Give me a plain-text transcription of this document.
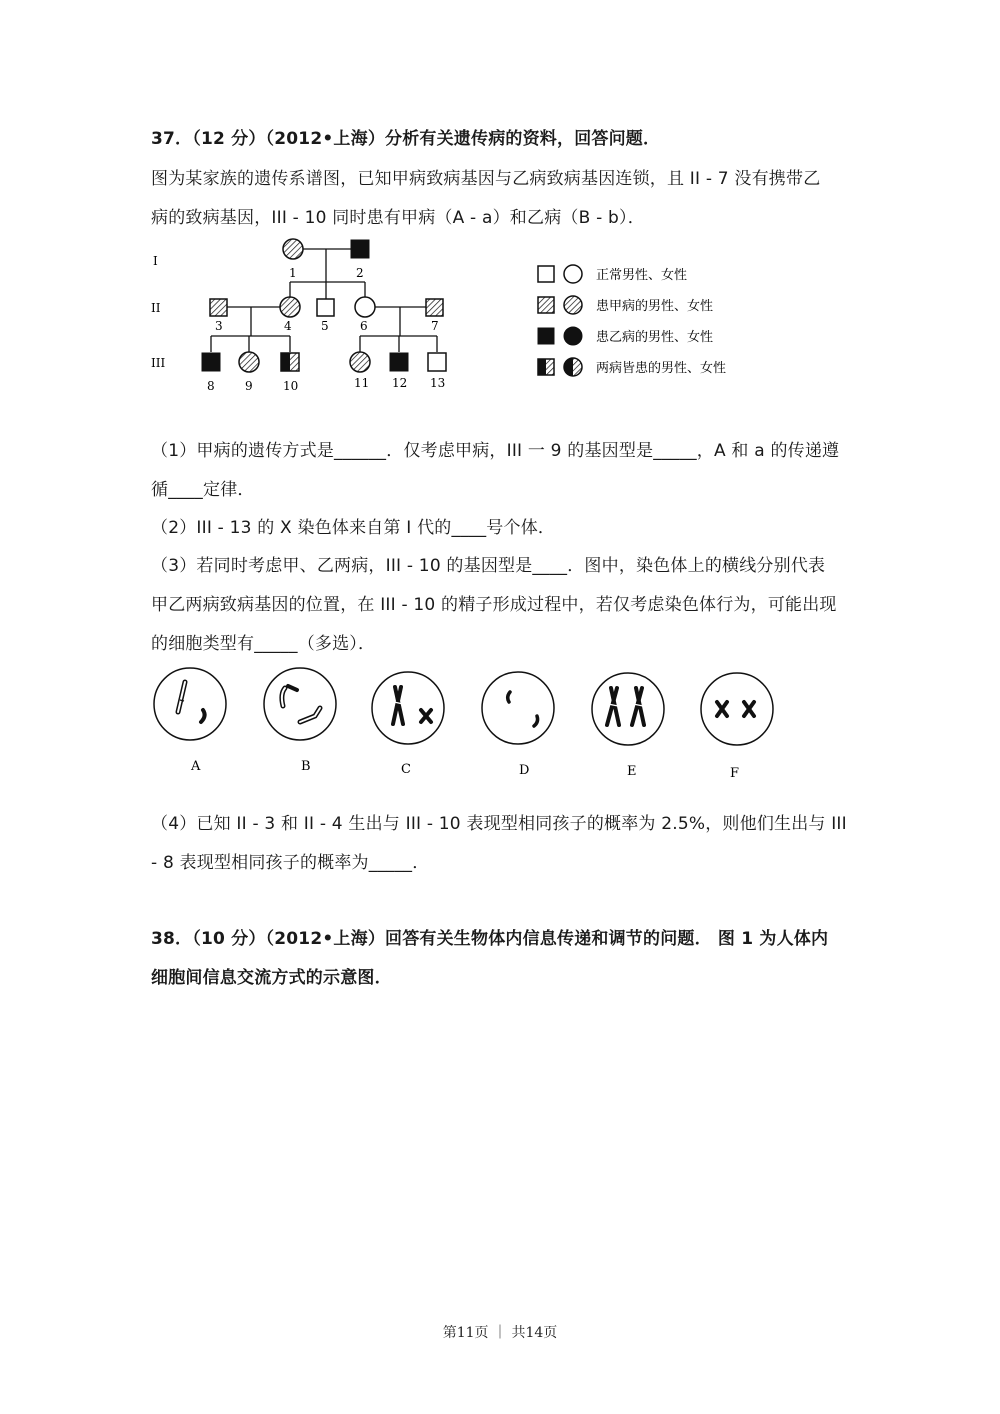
37．（12 分）（2012•上海）分析有关遗传病的资料，回答问题．
图为某家族的遗传系谱图，已知甲病致病基因与乙病致病基因连锁，且 II - 7 没有携带乙
病的致病基因，III - 10 同时患有甲病（A - a）和乙病（B - b）．
I
II
III
1	2
3	4 5	6	7
8	9	10	11 12 13
正常男性、女性
患甲病的男性、女性
患乙病的男性、女性
两病皆患的男性、女性
（1）甲病的遗传方式是______．仅考虑甲病，III 一 9 的基因型是_____，A 和 a 的传递遵
循____定律．
（2）III - 13 的 X 染色体来自第 I 代的____号个体．
（3）若同时考虑甲、乙两病，III - 10 的基因型是____．图中，染色体上的横线分别代表
甲乙两病致病基因的位置，在 III - 10 的精子形成过程中，若仅考虑染色体行为，可能出现
的细胞类型有_____（多选）．
A	B	C	D	E	F
（4）已知 II - 3 和 II - 4 生出与 III - 10 表现型相同孩子的概率为 2.5%，则他们生出与 III
- 8 表现型相同孩子的概率为_____．
38．（10 分）（2012•上海）回答有关生物体内信息传递和调节的问题． 图 1 为人体内
细胞间信息交流方式的示意图．
第11页 ｜ 共14页
